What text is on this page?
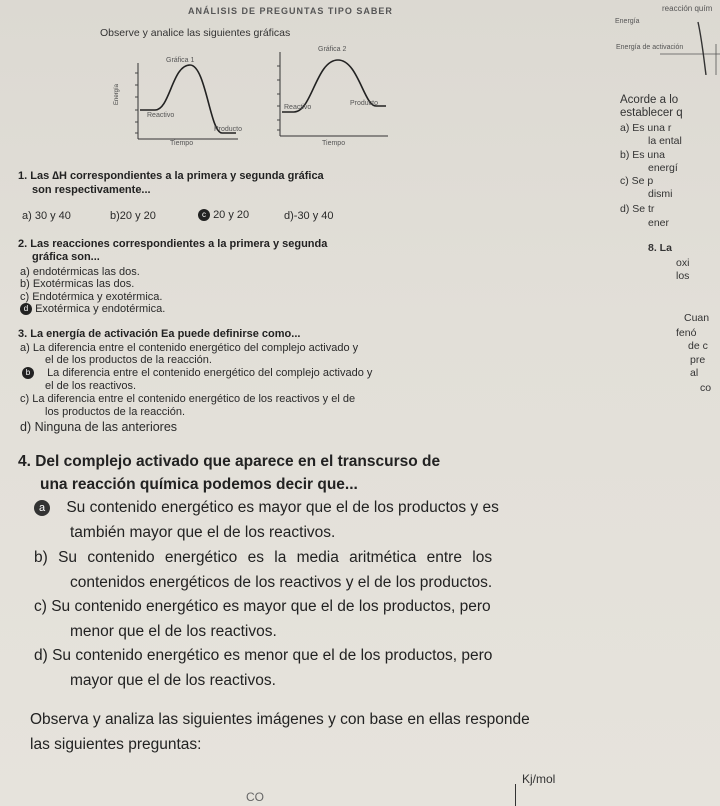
ANÁLISIS DE PREGUNTAS TIPO SABER
Observe y analice las siguientes gráficas
Energía
Gráfica 1
Reactivo
Producto
Tiempo
Gráfica 2
Reactivo
Producto
Tiempo
1. Las ∆H correspondientes a la primera y segunda gráfica
son respectivamente...
a) 30 y 40	b)20 y 20	c 20 y 20	d)-30 y 40
2. Las reacciones correspondientes a la primera y segunda
gráfica son...
a) endotérmicas las dos.
b) Exotérmicas las dos.
c) Endotérmica y exotérmica.
d Exotérmica y endotérmica.
3. La energía de activación Ea puede definirse como...
a) La diferencia entre el contenido energético del complejo activado y
el de los productos de la reacción.
b La diferencia entre el contenido energético del complejo activado y
el de los reactivos.
c) La diferencia entre el contenido energético de los reactivos y el de
los productos de la reacción.
d) Ninguna de las anteriores
4. Del complejo activado que aparece en el transcurso de
una reacción química podemos decir que...
a Su contenido energético es mayor que el de los productos y es
también mayor que el de los reactivos.
b) Su contenido energético es la media aritmética entre los
contenidos energéticos de los reactivos y el de los productos.
c) Su contenido energético es mayor que el de los productos, pero
menor que el de los reactivos.
d) Su contenido energético es menor que el de los productos, pero
mayor que el de los reactivos.
Observa y analiza las siguientes imágenes y con base en ellas responde
las siguientes preguntas:
Kj/mol
CO
reacción quím
Energía
Energía de activación
Acorde a lo
establecer q
a) Es una r
la ental
b) Es una
energí
c) Se p
dismi
d) Se tr
ener
8. La
oxi
los
Cuan
fenó
de c
pre
al
co
